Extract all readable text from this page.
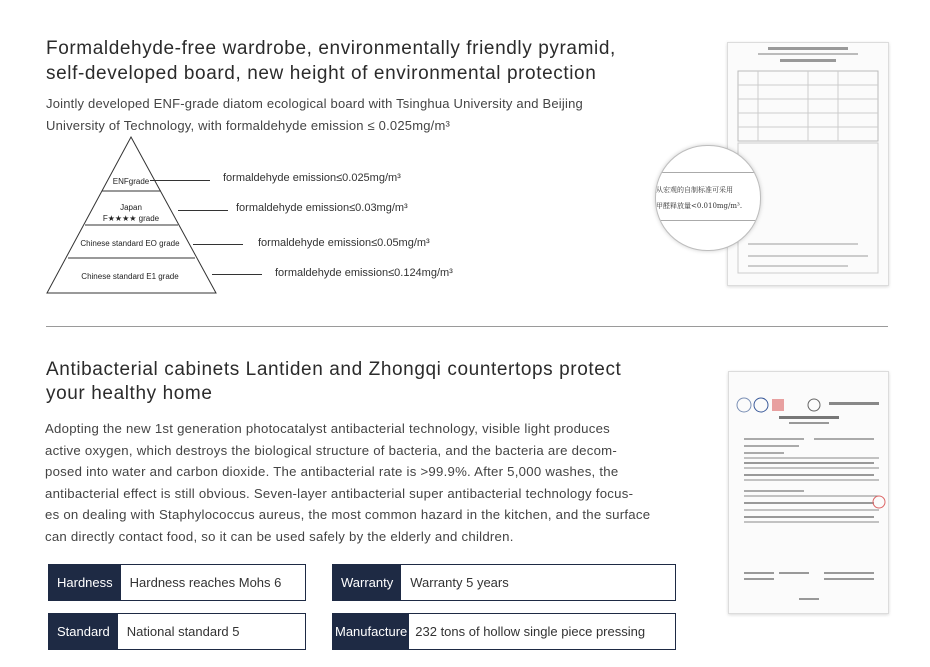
Formaldehyde-free wardrobe, environmentally friendly pyramid,
self-developed board, new height of environmental protection
Jointly developed ENF-grade diatom ecological board with Tsinghua University and Beijing
University of Technology, with formaldehyde emission ≤ 0.025mg/m³
ENFgrade
Japan
F★★★★ grade
Chinese standard EO grade
Chinese standard E1 grade
formaldehyde emission≤0.025mg/m³
formaldehyde emission≤0.03mg/m³
formaldehyde emission≤0.05mg/m³
formaldehyde emission≤0.124mg/m³
从宏观的自制标准可采用
甲醛释放量<0.010mg/m³.
Antibacterial cabinets Lantiden and Zhongqi countertops protect
your healthy home
Adopting the new 1st generation photocatalyst antibacterial technology, visible light produces
active oxygen, which destroys the biological structure of bacteria, and the bacteria are decom-
posed into water and carbon dioxide. The antibacterial rate is >99.9%. After 5,000 washes, the
antibacterial effect is still obvious. Seven-layer antibacterial super antibacterial technology focus-
es on dealing with Staphylococcus aureus, the most common hazard in the kitchen, and the surface
can directly contact food, so it can be used safely by the elderly and children.
Hardness	Hardness reaches Mohs 6	Warranty	Warranty 5 years
Standard	National standard 5	Manufacture 232 tons of hollow single piece pressing
